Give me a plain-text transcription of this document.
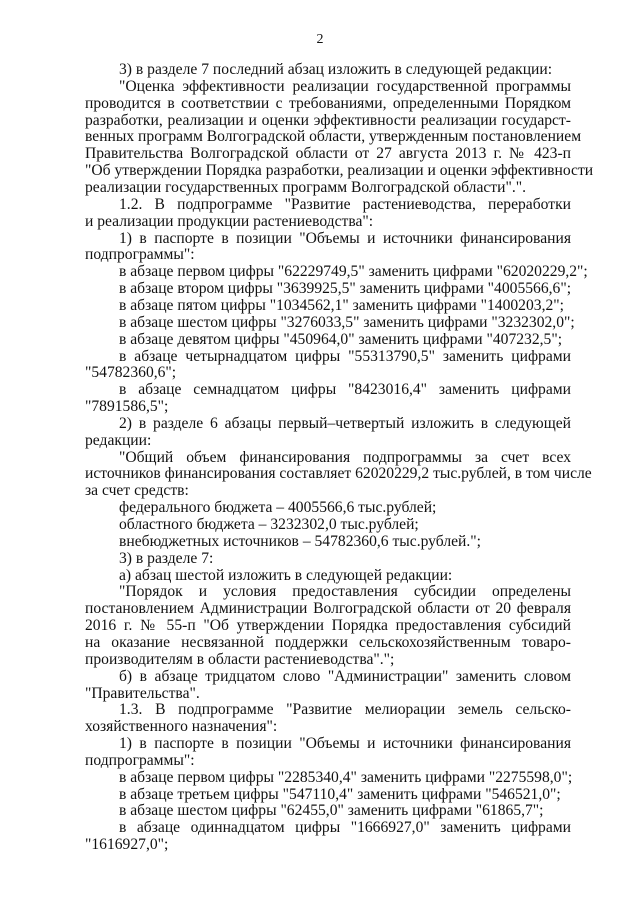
2
3) в разделе 7 последний абзац изложить в следующей редакции:
"Оценка эффективности реализации государственной программы
проводится в соответствии с требованиями, определенными Порядком
разработки, реализации и оценки эффективности реализации государст-
венных программ Волгоградской области, утвержденным постановлением
Правительства Волгоградской области от 27 августа 2013 г. № 423-п
"Об утверждении Порядка разработки, реализации и оценки эффективности
реализации государственных программ Волгоградской области".".
1.2. В подпрограмме "Развитие растениеводства, переработки
и реализации продукции растениеводства":
1) в паспорте в позиции "Объемы и источники финансирования
подпрограммы":
в абзаце первом цифры "62229749,5" заменить цифрами "62020229,2";
в абзаце втором цифры "3639925,5" заменить цифрами "4005566,6";
в абзаце пятом цифры "1034562,1" заменить цифрами "1400203,2";
в абзаце шестом цифры "3276033,5" заменить цифрами "3232302,0";
в абзаце девятом цифры "450964,0" заменить цифрами "407232,5";
в абзаце четырнадцатом цифры "55313790,5" заменить цифрами
"54782360,6";
в абзаце семнадцатом цифры "8423016,4" заменить цифрами
"7891586,5";
2) в разделе 6 абзацы первый–четвертый изложить в следующей
редакции:
"Общий объем финансирования подпрограммы за счет всех
источников финансирования составляет 62020229,2 тыс.рублей, в том числе
за счет средств:
федерального бюджета – 4005566,6 тыс.рублей;
областного бюджета – 3232302,0 тыс.рублей;
внебюджетных источников – 54782360,6 тыс.рублей.";
3) в разделе 7:
а) абзац шестой изложить в следующей редакции:
"Порядок и условия предоставления субсидии определены
постановлением Администрации Волгоградской области от 20 февраля
2016 г. № 55-п "Об утверждении Порядка предоставления субсидий
на оказание несвязанной поддержки сельскохозяйственным товаро-
производителям в области растениеводства".";
б) в абзаце тридцатом слово "Администрации" заменить словом
"Правительства".
1.3. В подпрограмме "Развитие мелиорации земель сельско-
хозяйственного назначения":
1) в паспорте в позиции "Объемы и источники финансирования
подпрограммы":
в абзаце первом цифры "2285340,4" заменить цифрами "2275598,0";
в абзаце третьем цифры "547110,4" заменить цифрами "546521,0";
в абзаце шестом цифры "62455,0" заменить цифрами "61865,7";
в абзаце одиннадцатом цифры "1666927,0" заменить цифрами
"1616927,0";
